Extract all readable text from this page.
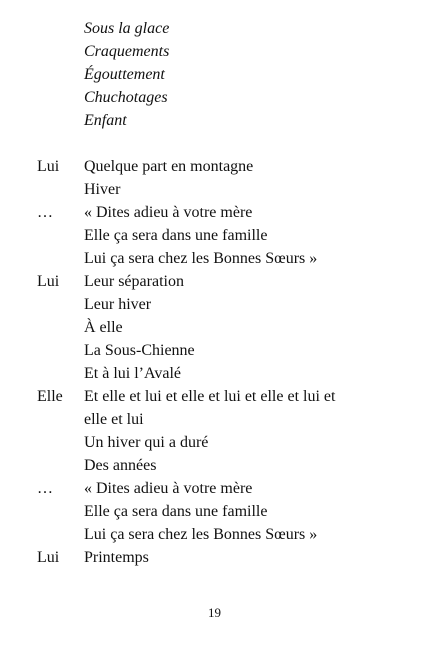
Sous la glace
Craquements
Égouttement
Chuchotages
Enfant
Lui Quelque part en montagne
Hiver
… « Dites adieu à votre mère
Elle ça sera dans une famille
Lui ça sera chez les Bonnes Sœurs »
Lui Leur séparation
Leur hiver
À elle
La Sous-Chienne
Et à lui l’Avalé
Elle Et elle et lui et elle et lui et elle et lui et
elle et lui
Un hiver qui a duré
Des années
… « Dites adieu à votre mère
Elle ça sera dans une famille
Lui ça sera chez les Bonnes Sœurs »
Lui Printemps
19
